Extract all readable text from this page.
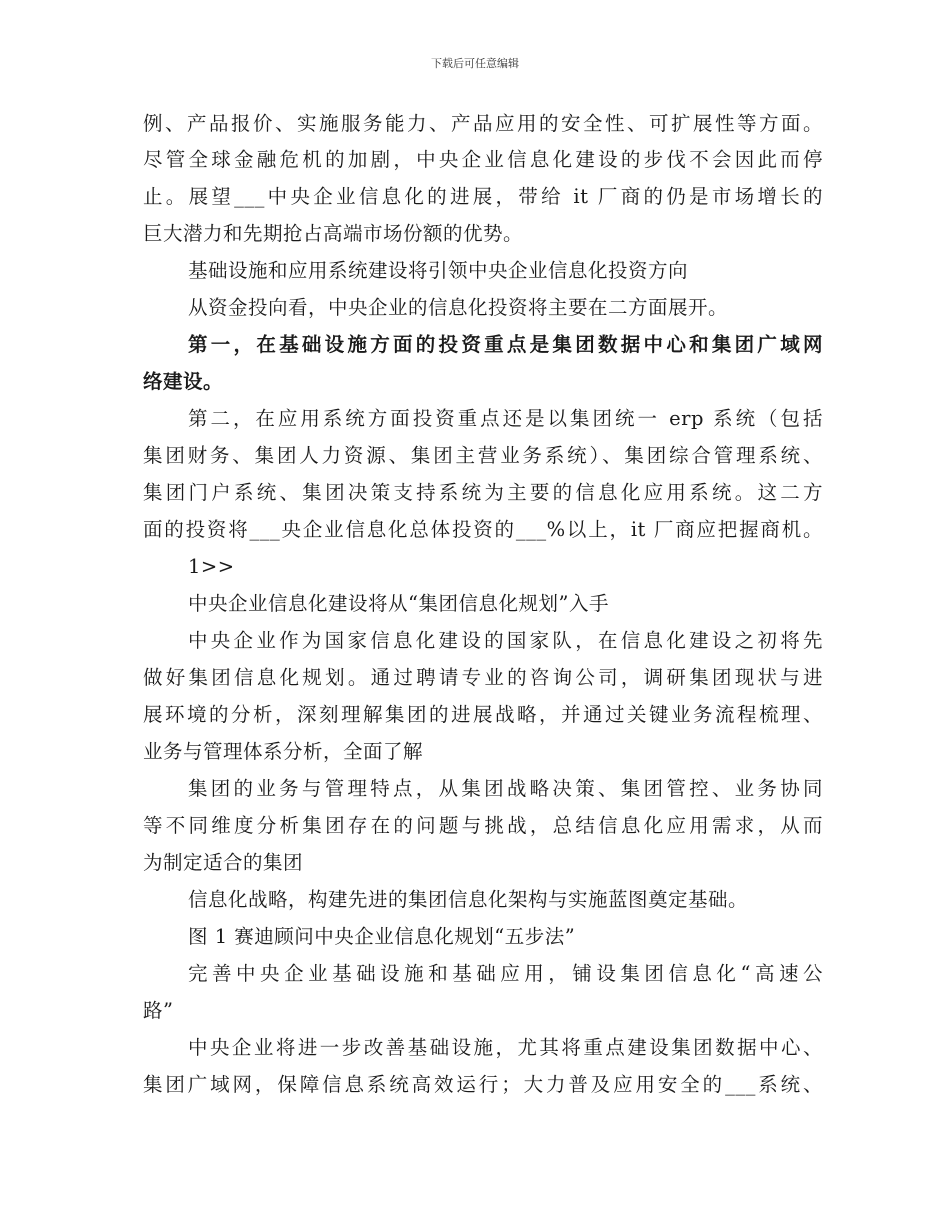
下载后可任意编辑
例、产品报价、实施服务能力、产品应用的安全性、可扩展性等方面。
尽管全球金融危机的加剧，中央企业信息化建设的步伐不会因此而停
止。展望___中央企业信息化的进展，带给 it 厂商的仍是市场增长的
巨大潜力和先期抢占高端市场份额的优势。
基础设施和应用系统建设将引领中央企业信息化投资方向
从资金投向看，中央企业的信息化投资将主要在二方面展开。
第一，在基础设施方面的投资重点是集团数据中心和集团广域网
络建设。
第二，在应用系统方面投资重点还是以集团统一 erp 系统（包括
集团财务、集团人力资源、集团主营业务系统）、集团综合管理系统、
集团门户系统、集团决策支持系统为主要的信息化应用系统。这二方
面的投资将___央企业信息化总体投资的___%以上，it 厂商应把握商机。
1>>
中央企业信息化建设将从“集团信息化规划”入手
中央企业作为国家信息化建设的国家队，在信息化建设之初将先
做好集团信息化规划。通过聘请专业的咨询公司，调研集团现状与进
展环境的分析，深刻理解集团的进展战略，并通过关键业务流程梳理、
业务与管理体系分析，全面了解
集团的业务与管理特点，从集团战略决策、集团管控、业务协同
等不同维度分析集团存在的问题与挑战，总结信息化应用需求，从而
为制定适合的集团
信息化战略，构建先进的集团信息化架构与实施蓝图奠定基础。
图 1 赛迪顾问中央企业信息化规划“五步法”
完善中央企业基础设施和基础应用，铺设集团信息化“高速公
路”
中央企业将进一步改善基础设施，尤其将重点建设集团数据中心、
集团广域网，保障信息系统高效运行；大力普及应用安全的___系统、
